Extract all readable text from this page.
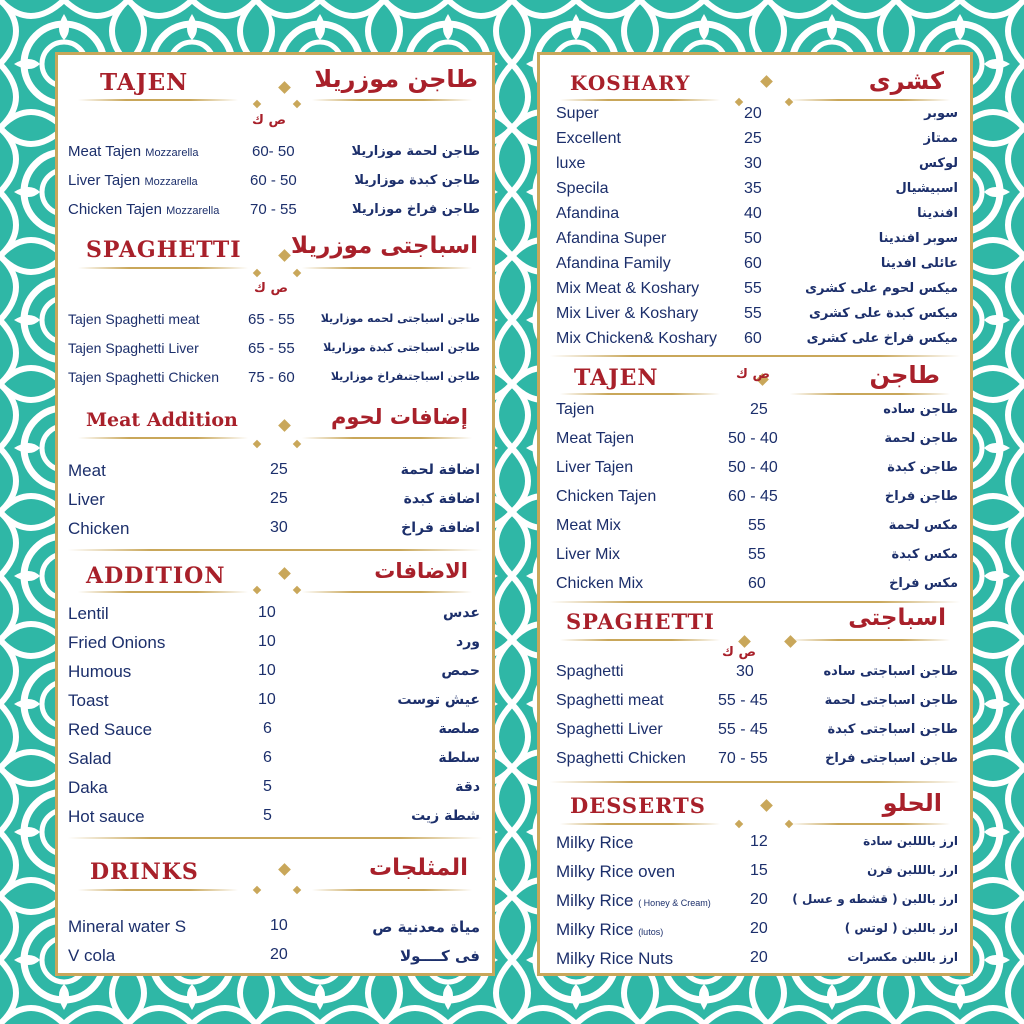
TAJEN	طاجن موزريلا
ص ك
Meat Tajen Mozzarella	60- 50	طاجن لحمة موزاريلا
Liver Tajen Mozzarella	60 - 50	طاجن كبدة موزاريلا
Chicken Tajen Mozzarella 70 - 55	طاجن فراخ موزاريلا
SPAGHETTI اسباجتى موزريلا
ص ك
Tajen Spaghetti meat	65 - 55 طاجن اسباجتى لحمه موزاريلا
Tajen Spaghetti Liver	65 - 55	طاجن اسباجتى كبدة موزاريلا
Tajen Spaghetti Chicken 75 - 60	طاجن اسباجتىفراخ موزاريلا
Meat Addition	إضافات لحوم
Meat	25	اضافة لحمة
Liver	25	اضافة كبدة
Chicken	30	اضافة فراخ
ADDITION	الاضافات
Lentil	10	عدس
Fried Onions	10	ورد
Humous	10	حمص
Toast	10	عيش توست
Red Sauce	6	صلصة
Salad	6	سلطة
Daka	5	دقة
Hot sauce	5	شطة زيت
DRINKS	المثلجات
Mineral water S	10	مياة معدنية ص
V cola	20	فى كــــولا
KOSHARY	كشرى
Super	20	سوبر
Excellent	25	ممتاز
luxe	30	لوكس
Specila	35	اسبيشيال
Afandina	40	افندينا
Afandina Super	50	سوبر افندينا
Afandina Family	60	عائلى افدينا
Mix Meat & Koshary	55	ميكس لحوم على كشرى
Mix Liver & Koshary	55	ميكس كبدة على كشرى
Mix Chicken& Koshary 60	ميكس فراخ على كشرى
TAJEN	طاجن
ص ك
Tajen	25	طاجن ساده
Meat Tajen	50 - 40	طاجن لحمة
Liver Tajen	50 - 40	طاجن كبدة
Chicken Tajen	60 - 45	طاجن فراخ
Meat Mix	55	مكس لحمة
Liver Mix	55	مكس كبدة
Chicken Mix	60	مكس فراخ
SPAGHETTI	اسباجتى
ص ك
Spaghetti	30	طاجن اسباجتى ساده
Spaghetti meat	55 - 45	طاجن اسباجتى لحمة
Spaghetti Liver	55 - 45	طاجن اسباجتى كبدة
Spaghetti Chicken 70 - 55	طاجن اسباجتى فراخ
DESSERTS	الحلو
Milky Rice	12	ارز بالللبن سادة
Milky Rice oven	15	ارز بالللبن فرن
Milky Rice ( Honey & Cream) 20 ارز باللبن ( قشطه و عسل )
Milky Rice (lutos)	20	ارز باللبن ( لوتس )
Milky Rice Nuts	20	ارز باللبن مكسرات
